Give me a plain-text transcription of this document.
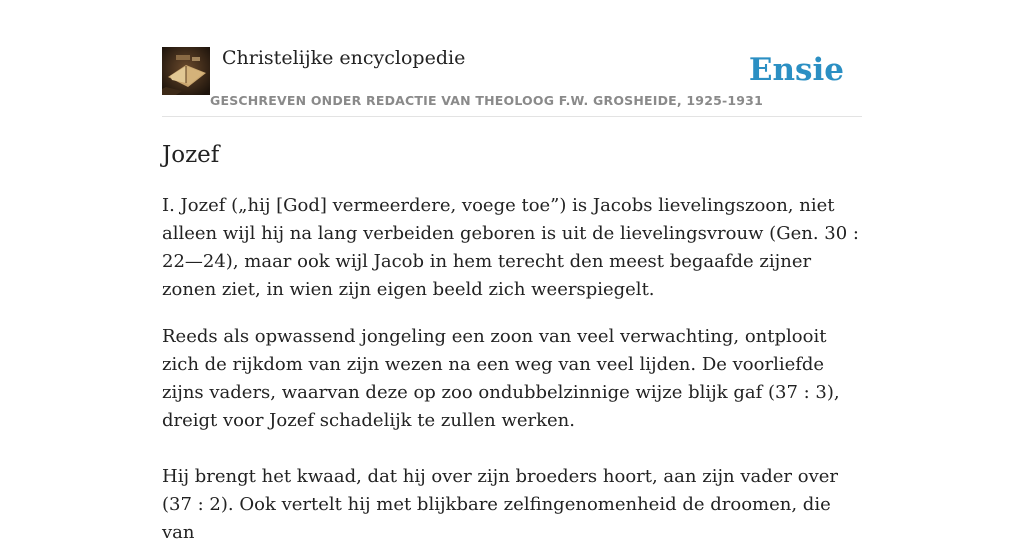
Christelijke encyclopedie
GESCHREVEN ONDER REDACTIE VAN THEOLOOG F.W. GROSHEIDE, 1925-1931
Ensie
Jozef

I. Jozef („hij [God] vermeerdere, voege toe”) is Jacobs lievelingszoon, niet alleen wijl hij na lang verbeiden geboren is uit de lievelingsvrouw (Gen. 30 : 22—24), maar ook wijl Jacob in hem terecht den meest begaafde zijner zonen ziet, in wien zijn eigen beeld zich weerspiegelt.

Reeds als opwassend jongeling een zoon van veel verwachting, ontplooit zich de rijkdom van zijn wezen na een weg van veel lijden. De voorliefde zijns vaders, waarvan deze op zoo ondubbelzinnige wijze blijk gaf (37 : 3), dreigt voor Jozef schadelijk te zullen werken.

Hij brengt het kwaad, dat hij over zijn broeders hoort, aan zijn vader over (37 : 2). Ook vertelt hij met blijkbare zelfingenomenheid de droomen, die van
